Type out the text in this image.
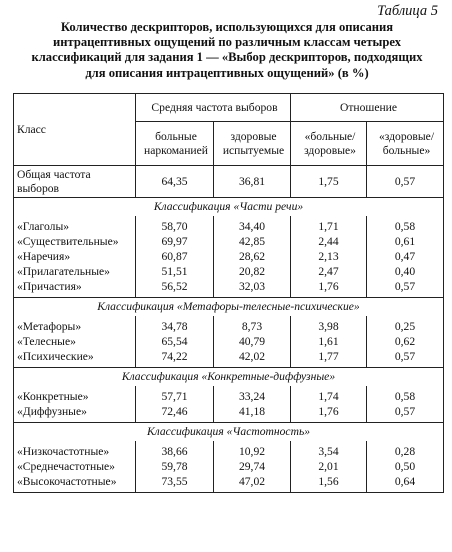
Таблица 5
Количество дескрипторов, использующихся для описания
интрацептивных ощущений по различным классам четырех
классификаций для задания 1 — «Выбор дескрипторов, подходящих
для описания интрацептивных ощущений» (в %)
Класс	Средняя частота выборов		Отношение	
	больные наркоманией	здоровые испытуемые	«больные/ здоровые»	«здоровые/ больные»
Общая частота выборов	64,35	36,81	1,75	0,57
Классификация «Части речи»				
«Глаголы»	58,70	34,40	1,71	0,58
«Существительные»	69,97	42,85	2,44	0,61
«Наречия»	60,87	28,62	2,13	0,47
«Прилагательные»	51,51	20,82	2,47	0,40
«Причастия»	56,52	32,03	1,76	0,57
Классификация «Метафоры-телесные-психические»				
«Метафоры»	34,78	8,73	3,98	0,25
«Телесные»	65,54	40,79	1,61	0,62
«Психические»	74,22	42,02	1,77	0,57
Классификация «Конкретные-диффузные»				
«Конкретные»	57,71	33,24	1,74	0,58
«Диффузные»	72,46	41,18	1,76	0,57
Классификация «Частотность»				
«Низкочастотные»	38,66	10,92	3,54	0,28
«Среднечастотные»	59,78	29,74	2,01	0,50
«Высокочастотные»	73,55	47,02	1,56	0,64
